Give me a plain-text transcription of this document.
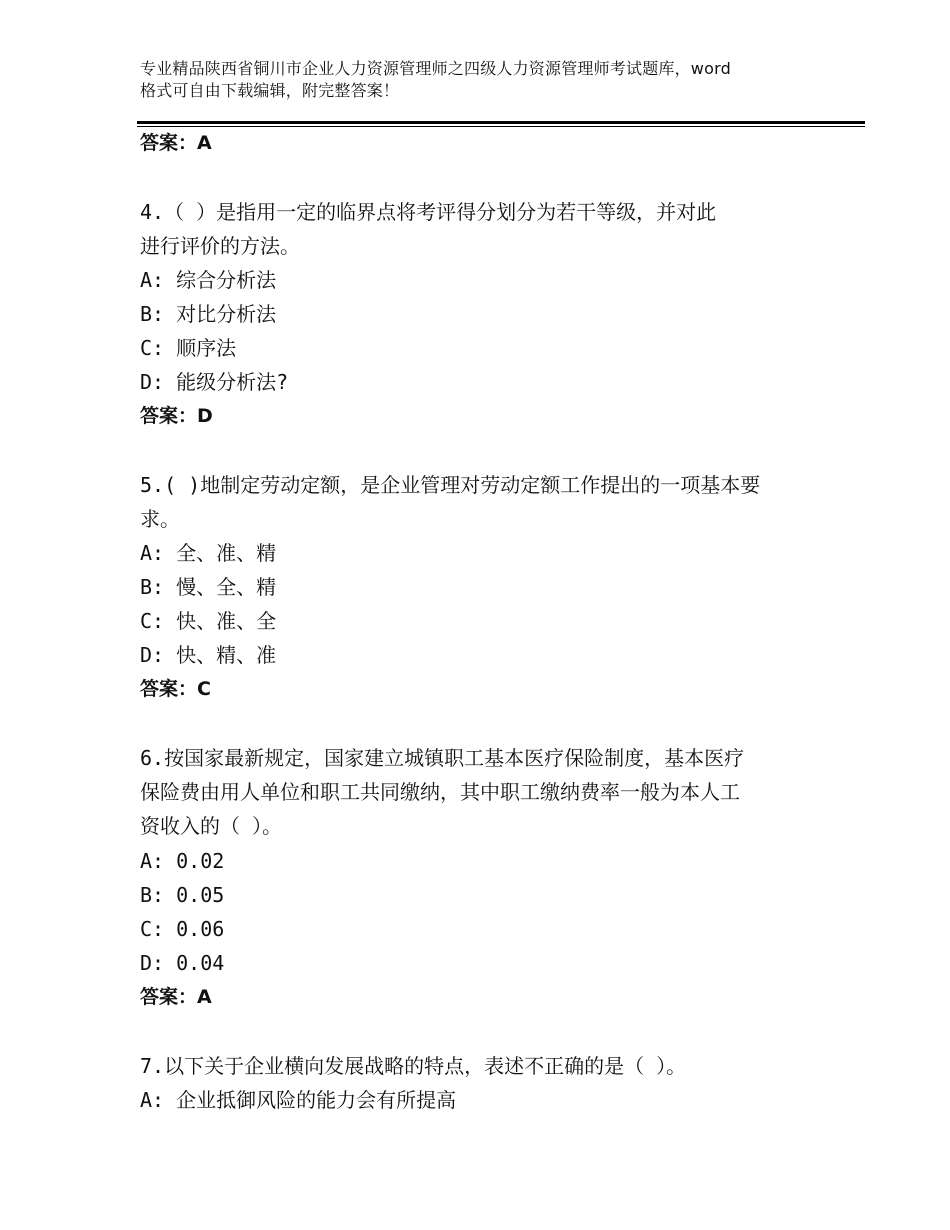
专业精品陕西省铜川市企业人力资源管理师之四级人力资源管理师考试题库，word
格式可自由下载编辑，附完整答案！
答案：A
4.（ ）是指用一定的临界点将考评得分划分为若干等级，并对此
进行评价的方法。
A: 综合分析法
B: 对比分析法
C: 顺序法
D: 能级分析法?
答案：D
5.( )地制定劳动定额，是企业管理对劳动定额工作提出的一项基本要
求。
A: 全、准、精
B: 慢、全、精
C: 快、准、全
D: 快、精、准
答案：C
6.按国家最新规定，国家建立城镇职工基本医疗保险制度，基本医疗
保险费由用人单位和职工共同缴纳，其中职工缴纳费率一般为本人工
资收入的（ ）。
A: 0.02
B: 0.05
C: 0.06
D: 0.04
答案：A
7.以下关于企业横向发展战略的特点，表述不正确的是（ ）。
A: 企业抵御风险的能力会有所提高
